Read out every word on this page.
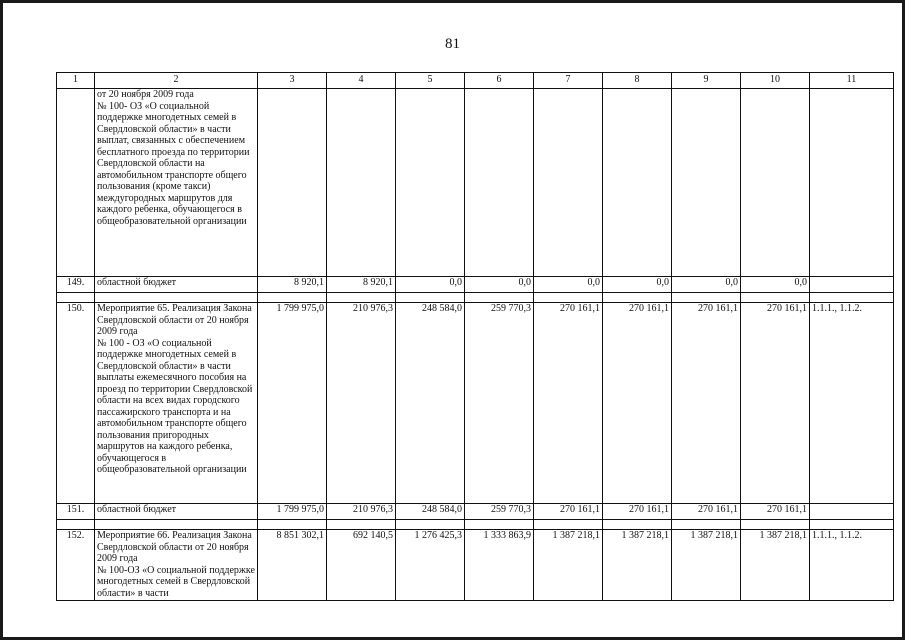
81
1	2	3	4	5	6	7	8	9	10	11
	от 20 ноября 2009 года
№ 100- ОЗ «О социальной поддержке многодетных семей в Свердловской области» в части выплат, связанных с обеспечением бесплатного проезда по территории Свердловской области на автомобильном транспорте общего пользования (кроме такси) междугородных маршрутов для каждого ребенка, обучающегося в общеобразовательной организации									
149.	областной бюджет	8 920,1	8 920,1	0,0	0,0	0,0	0,0	0,0	0,0	

150.	Мероприятие 65. Реализация Закона Свердловской области от 20 ноября 2009 года
№ 100 - ОЗ «О социальной поддержке многодетных семей в Свердловской области» в части выплаты ежемесячного пособия на проезд по территории Свердловской области на всех видах городского пассажирского транспорта и на автомобильном транспорте общего пользования пригородных маршрутов на каждого ребенка, обучающегося в общеобразовательной организации	1 799 975,0	210 976,3	248 584,0	259 770,3	270 161,1	270 161,1	270 161,1	270 161,1	1.1.1., 1.1.2.
151.	областной бюджет	1 799 975,0	210 976,3	248 584,0	259 770,3	270 161,1	270 161,1	270 161,1	270 161,1	

152.	Мероприятие 66. Реализация Закона Свердловской области от 20 ноября 2009 года
№ 100-ОЗ «О социальной поддержке многодетных семей в Свердловской области» в части	8 851 302,1	692 140,5	1 276 425,3	1 333 863,9	1 387 218,1	1 387 218,1	1 387 218,1	1 387 218,1	1.1.1., 1.1.2.
